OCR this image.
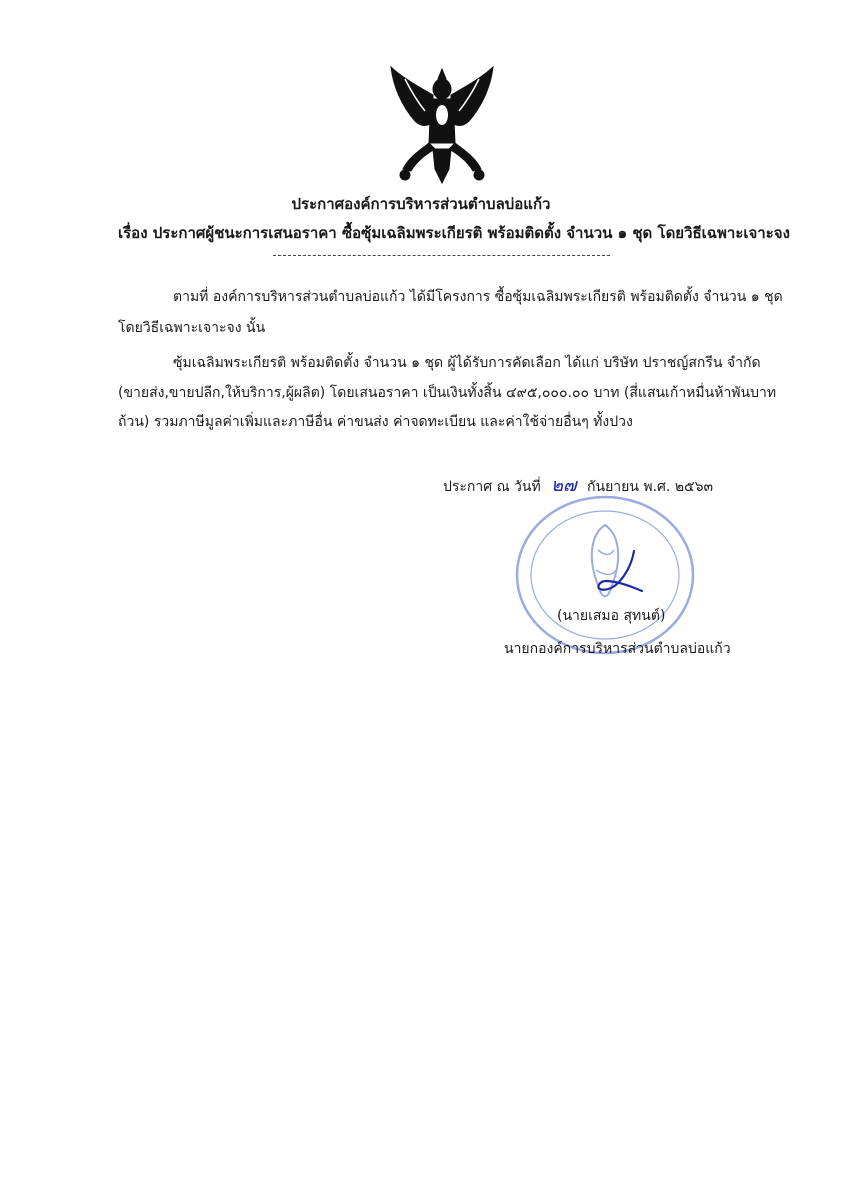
ประกาศองค์การบริหารส่วนตำบลบ่อแก้ว
เรื่อง ประกาศผู้ชนะการเสนอราคา ซื้อซุ้มเฉลิมพระเกียรติ พร้อมติดตั้ง จำนวน ๑ ชุด โดยวิธีเฉพาะเจาะจง
ตามที่ องค์การบริหารส่วนตำบลบ่อแก้ว ได้มีโครงการ ซื้อซุ้มเฉลิมพระเกียรติ พร้อมติดตั้ง จำนวน ๑ ชุด
โดยวิธีเฉพาะเจาะจง นั้น
ซุ้มเฉลิมพระเกียรติ พร้อมติดตั้ง จำนวน ๑ ชุด ผู้ได้รับการคัดเลือก ได้แก่ บริษัท ปราชญ์สกรีน จำกัด
(ขายส่ง,ขายปลีก,ให้บริการ,ผู้ผลิต) โดยเสนอราคา เป็นเงินทั้งสิ้น ๔๙๕,๐๐๐.๐๐ บาท (สี่แสนเก้าหมื่นห้าพันบาท
ถ้วน) รวมภาษีมูลค่าเพิ่มและภาษีอื่น ค่าขนส่ง ค่าจดทะเบียน และค่าใช้จ่ายอื่นๆ ทั้งปวง
ประกาศ ณ วันที่ ๒๗ กันยายน พ.ศ. ๒๕๖๓
(นายเสมอ สุทนต์)
นายกองค์การบริหารส่วนตำบลบ่อแก้ว
